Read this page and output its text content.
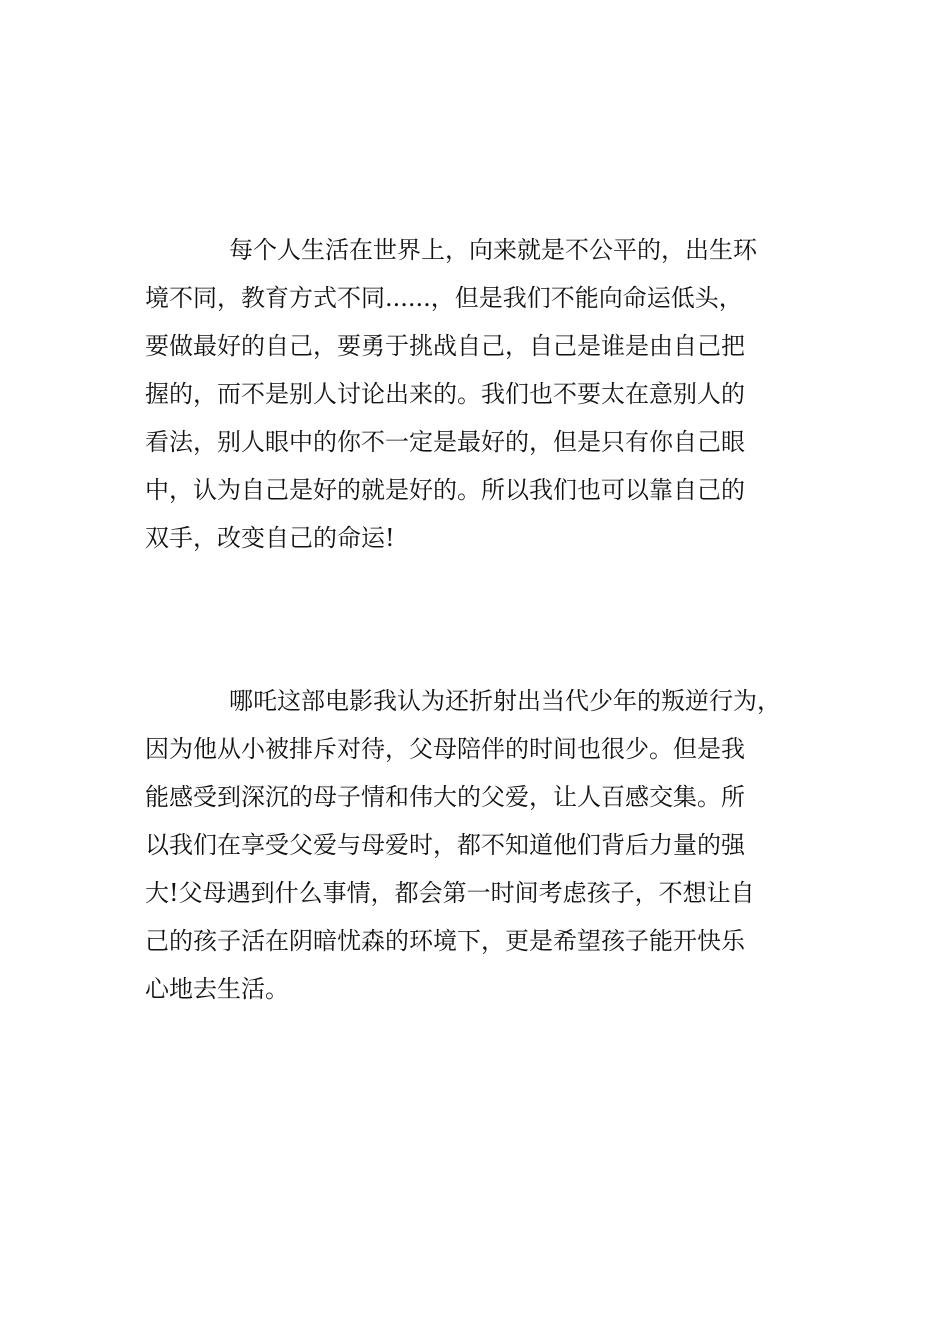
每个人生活在世界上，向来就是不公平的，出生环
境不同，教育方式不同......，但是我们不能向命运低头，
要做最好的自己，要勇于挑战自己，自己是谁是由自己把
握的，而不是别人讨论出来的。我们也不要太在意别人的
看法，别人眼中的你不一定是最好的，但是只有你自己眼
中，认为自己是好的就是好的。所以我们也可以靠自己的
双手，改变自己的命运!
哪吒这部电影我认为还折射出当代少年的叛逆行为，
因为他从小被排斥对待，父母陪伴的时间也很少。但是我
能感受到深沉的母子情和伟大的父爱，让人百感交集。所
以我们在享受父爱与母爱时，都不知道他们背后力量的强
大!父母遇到什么事情，都会第一时间考虑孩子，不想让自
己的孩子活在阴暗忧森的环境下，更是希望孩子能开快乐
心地去生活。
